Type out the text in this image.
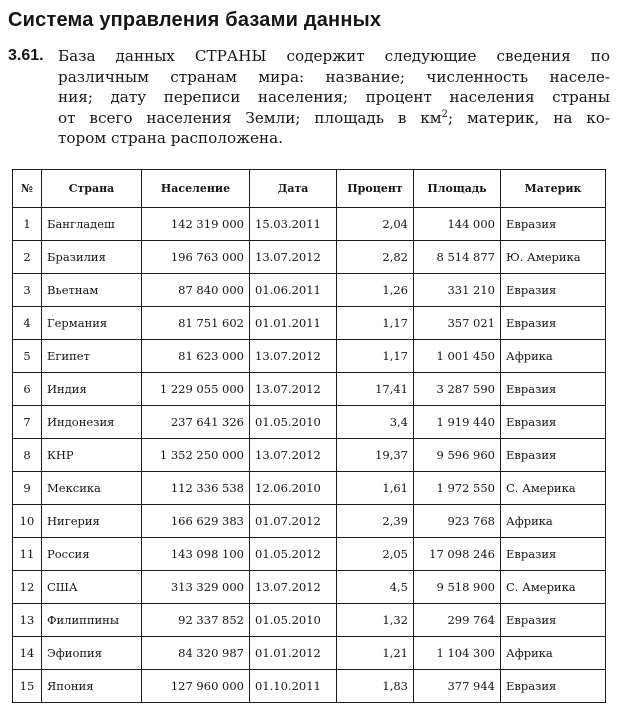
Система управления базами данных
3.61. База данных СТРАНЫ содержит следующие сведения по
различным странам мира: название; численность населе-
ния; дату переписи населения; процент населения страны
от всего населения Земли; площадь в $км^2$; материк, на ко-
тором страна расположена.
№	Страна	Население	Дата	Процент	Площадь	Материк
1	Бангладеш	142 319 000	15.03.2011	2,04	144 000	Евразия
2	Бразилия	196 763 000	13.07.2012	2,82	8 514 877	Ю. Америка
3	Вьетнам	87 840 000	01.06.2011	1,26	331 210	Евразия
4	Германия	81 751 602	01.01.2011	1,17	357 021	Евразия
5	Египет	81 623 000	13.07.2012	1,17	1 001 450	Африка
6	Индия	1 229 055 000	13.07.2012	17,41	3 287 590	Евразия
7	Индонезия	237 641 326	01.05.2010	3,4	1 919 440	Евразия
8	КНР	1 352 250 000	13.07.2012	19,37	9 596 960	Евразия
9	Мексика	112 336 538	12.06.2010	1,61	1 972 550	С. Америка
10	Нигерия	166 629 383	01.07.2012	2,39	923 768	Африка
11	Россия	143 098 100	01.05.2012	2,05	17 098 246	Евразия
12	США	313 329 000	13.07.2012	4,5	9 518 900	С. Америка
13	Филиппины	92 337 852	01.05.2010	1,32	299 764	Евразия
14	Эфиопия	84 320 987	01.01.2012	1,21	1 104 300	Африка
15	Япония	127 960 000	01.10.2011	1,83	377 944	Евразия
